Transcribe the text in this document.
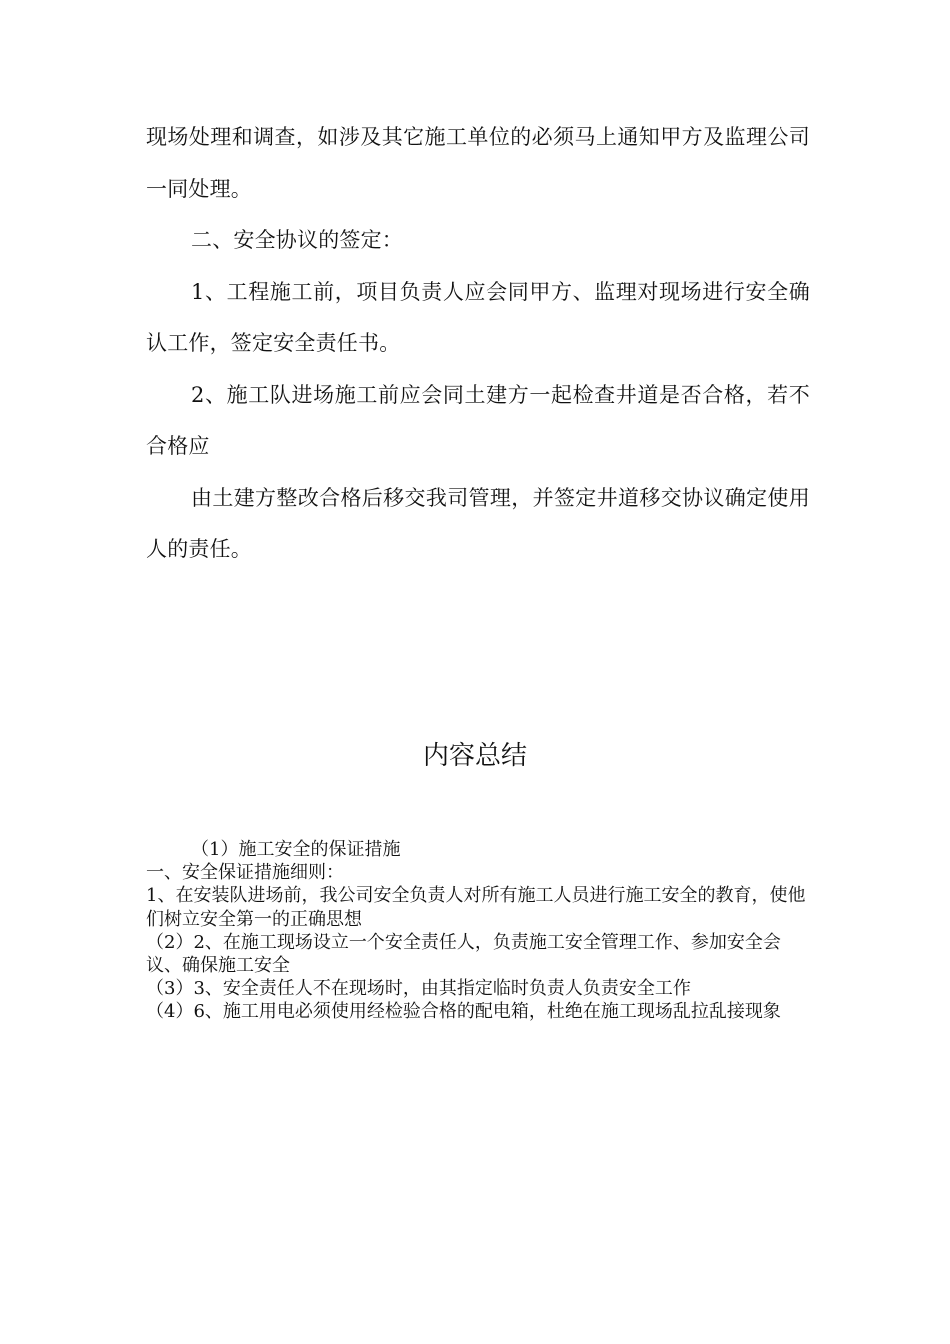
现场处理和调查，如涉及其它施工单位的必须马上通知甲方及监理公司一同处理。

二、安全协议的签定：

1、工程施工前，项目负责人应会同甲方、监理对现场进行安全确认工作，签定安全责任书。

2、施工队进场施工前应会同土建方一起检查井道是否合格，若不合格应

由土建方整改合格后移交我司管理，并签定井道移交协议确定使用人的责任。

内容总结

（1）施工安全的保证措施

一、安全保证措施细则：

1、在安装队进场前，我公司安全负责人对所有施工人员进行施工安全的教育，使他们树立安全第一的正确思想

（2）2、在施工现场设立一个安全责任人，负责施工安全管理工作、参加安全会议、确保施工安全

（3）3、安全责任人不在现场时，由其指定临时负责人负责安全工作

（4）6、施工用电必须使用经检验合格的配电箱，杜绝在施工现场乱拉乱接现象
